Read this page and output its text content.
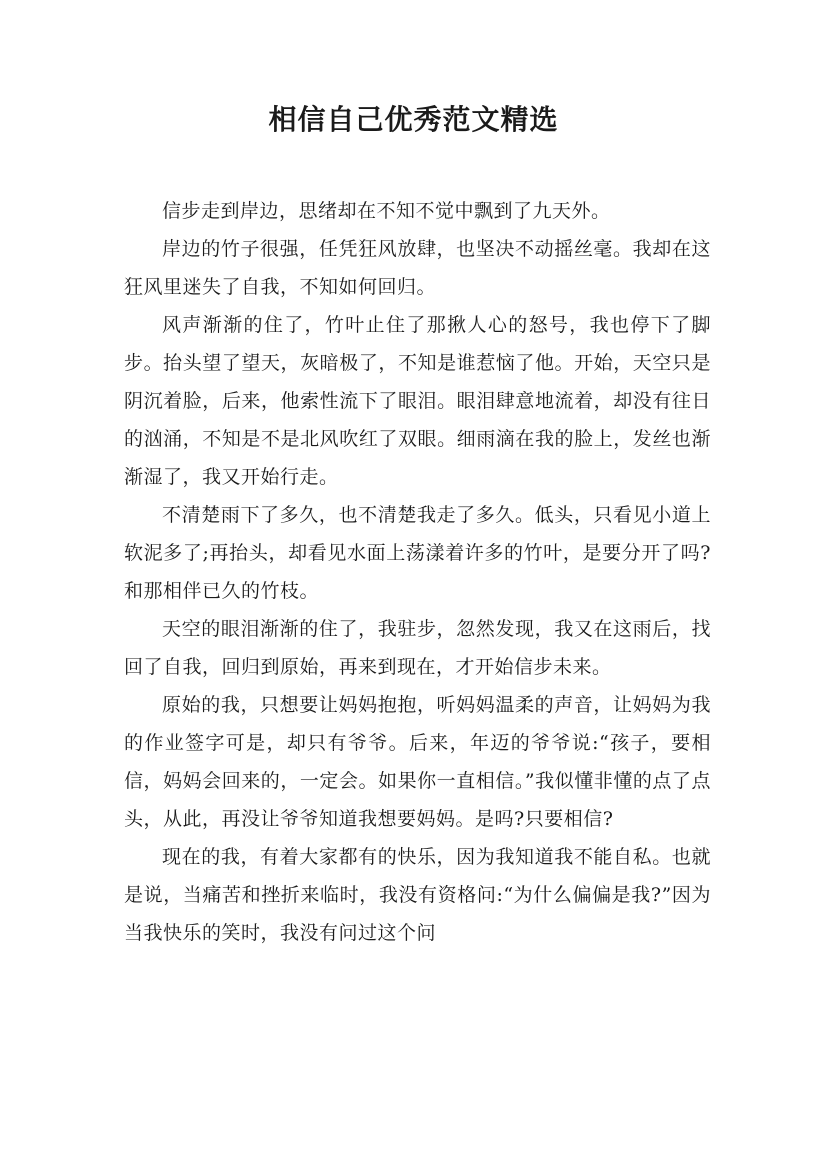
相信自己优秀范文精选

信步走到岸边，思绪却在不知不觉中飘到了九天外。

岸边的竹子很强，任凭狂风放肆，也坚决不动摇丝毫。我却在这狂风里迷失了自我，不知如何回归。

风声渐渐的住了，竹叶止住了那揪人心的怒号，我也停下了脚步。抬头望了望天，灰暗极了，不知是谁惹恼了他。开始，天空只是阴沉着脸，后来，他索性流下了眼泪。眼泪肆意地流着，却没有往日的汹涌，不知是不是北风吹红了双眼。细雨滴在我的脸上，发丝也渐渐湿了，我又开始行走。

不清楚雨下了多久，也不清楚我走了多久。低头，只看见小道上软泥多了;再抬头，却看见水面上荡漾着许多的竹叶，是要分开了吗?和那相伴已久的竹枝。

天空的眼泪渐渐的住了，我驻步，忽然发现，我又在这雨后，找回了自我，回归到原始，再来到现在，才开始信步未来。

原始的我，只想要让妈妈抱抱，听妈妈温柔的声音，让妈妈为我的作业签字可是，却只有爷爷。后来，年迈的爷爷说:“孩子，要相信，妈妈会回来的，一定会。如果你一直相信。”我似懂非懂的点了点头，从此，再没让爷爷知道我想要妈妈。是吗?只要相信?

现在的我，有着大家都有的快乐，因为我知道我不能自私。也就是说，当痛苦和挫折来临时，我没有资格问:“为什么偏偏是我?”因为当我快乐的笑时，我没有问过这个问
